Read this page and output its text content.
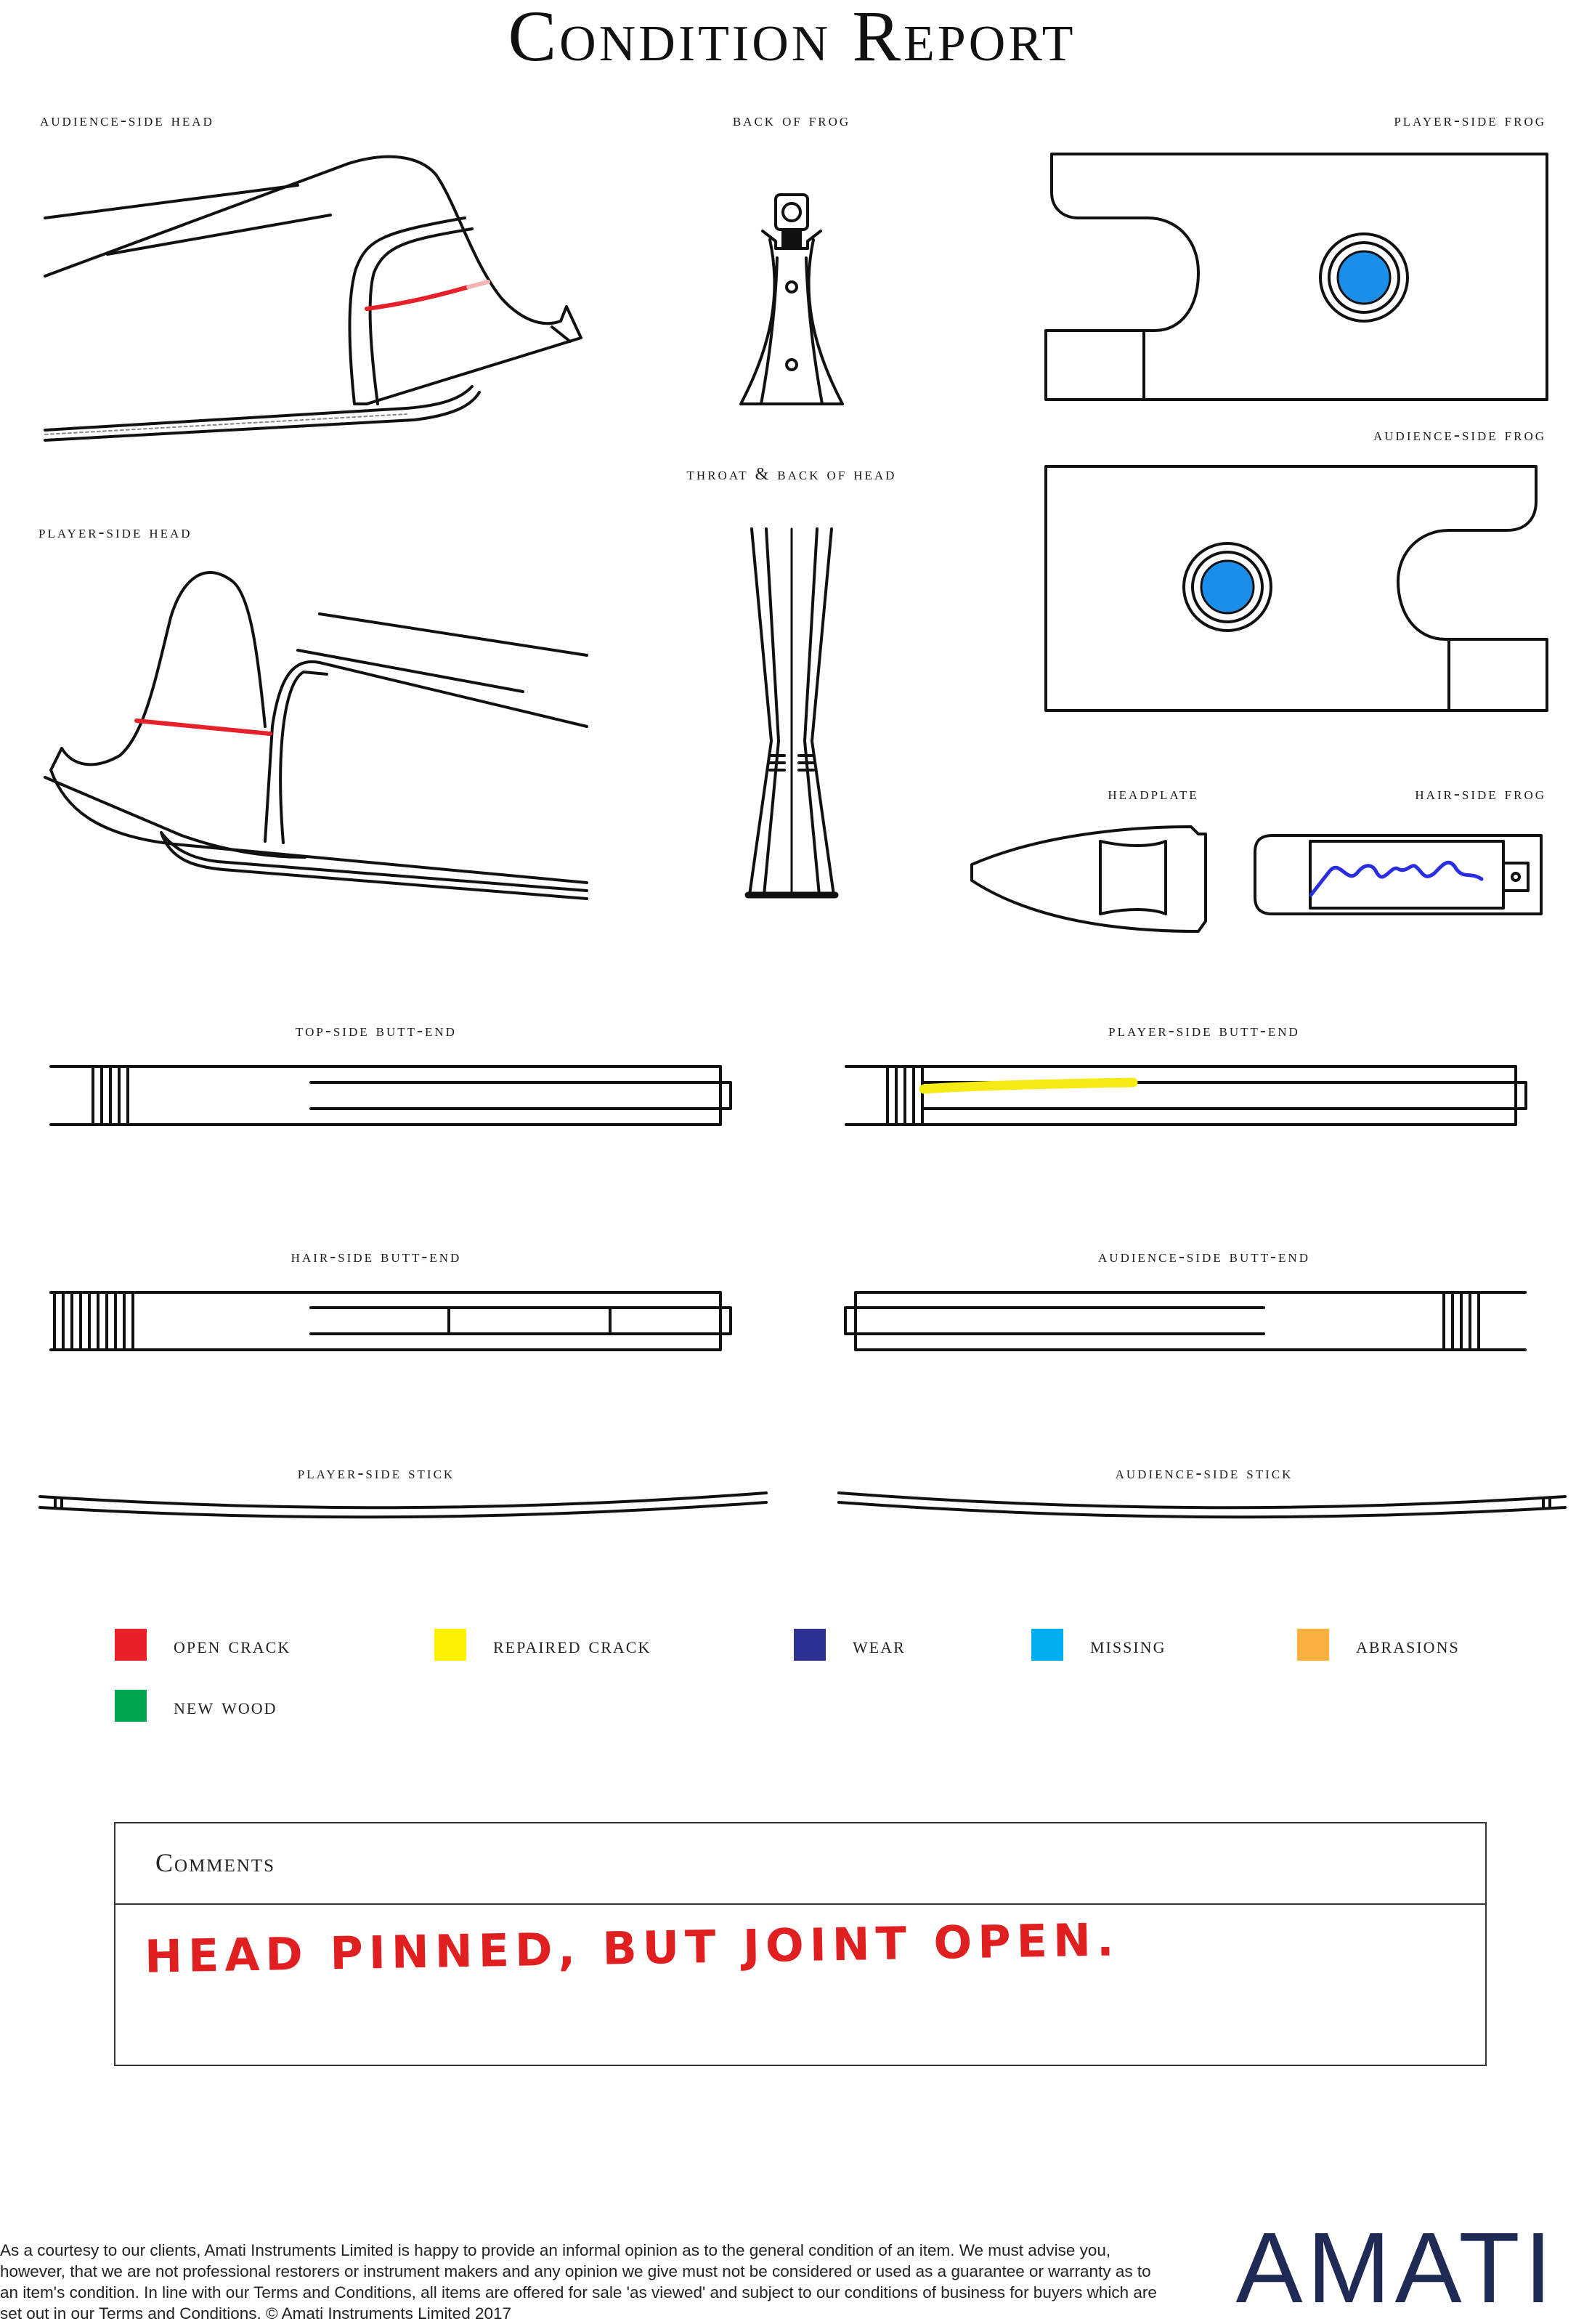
Condition Report
audience-side head	back of frog	player-side frog
audience-side frog
throat & back of head
player-side head
headplate	hair-side frog
top-side butt-end	player-side butt-end
hair-side butt-end	audience-side butt-end
player-side stick	audience-side stick
open crack	repaired crack	wear	missing	abrasions
new wood
Comments
HEAD PINNED, BUT JOINT OPEN.
As a courtesy to our clients, Amati Instruments Limited is happy to provide an informal opinion as to the general condition of an item. We must advise you, however, that we are not professional restorers or instrument makers and any opinion we give must not be considered or used as a guarantee or warranty as to an item's condition. In line with our Terms and Conditions, all items are offered for sale 'as viewed' and subject to our conditions of business for buyers which are set out in our Terms and Conditions. © Amati Instruments Limited 2017	AMATI
